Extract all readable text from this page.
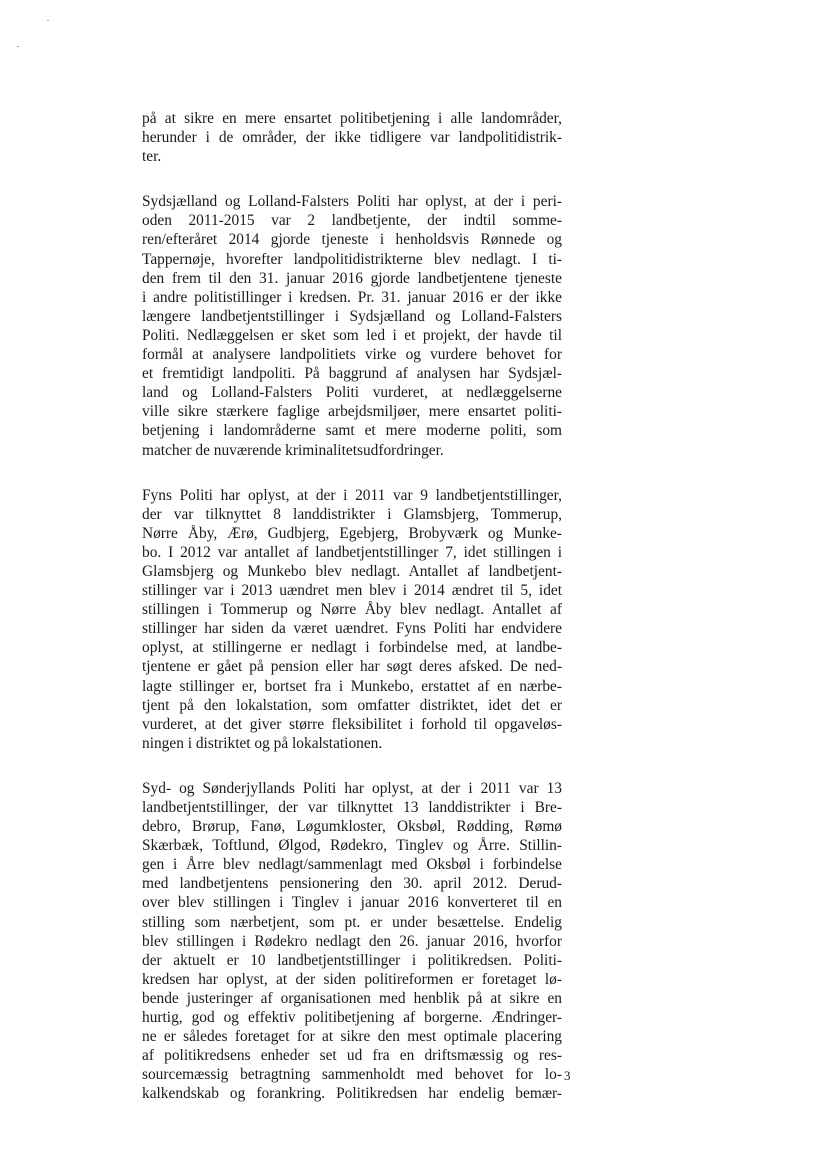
på at sikre en mere ensartet politibetjening i alle landområder,
herunder i de områder, der ikke tidligere var landpolitidistrik-
ter.
Sydsjælland og Lolland-Falsters Politi har oplyst, at der i peri-
oden 2011-2015 var 2 landbetjente, der indtil somme-
ren/efteråret 2014 gjorde tjeneste i henholdsvis Rønnede og
Tappernøje, hvorefter landpolitidistrikterne blev nedlagt. I ti-
den frem til den 31. januar 2016 gjorde landbetjentene tjeneste
i andre politistillinger i kredsen. Pr. 31. januar 2016 er der ikke
længere landbetjentstillinger i Sydsjælland og Lolland-Falsters
Politi. Nedlæggelsen er sket som led i et projekt, der havde til
formål at analysere landpolitiets virke og vurdere behovet for
et fremtidigt landpoliti. På baggrund af analysen har Sydsjæl-
land og Lolland-Falsters Politi vurderet, at nedlæggelserne
ville sikre stærkere faglige arbejdsmiljøer, mere ensartet politi-
betjening i landområderne samt et mere moderne politi, som
matcher de nuværende kriminalitetsudfordringer.
Fyns Politi har oplyst, at der i 2011 var 9 landbetjentstillinger,
der var tilknyttet 8 landdistrikter i Glamsbjerg, Tommerup,
Nørre Åby, Ærø, Gudbjerg, Egebjerg, Brobyværk og Munke-
bo. I 2012 var antallet af landbetjentstillinger 7, idet stillingen i
Glamsbjerg og Munkebo blev nedlagt. Antallet af landbetjent-
stillinger var i 2013 uændret men blev i 2014 ændret til 5, idet
stillingen i Tommerup og Nørre Åby blev nedlagt. Antallet af
stillinger har siden da været uændret. Fyns Politi har endvidere
oplyst, at stillingerne er nedlagt i forbindelse med, at landbe-
tjentene er gået på pension eller har søgt deres afsked. De ned-
lagte stillinger er, bortset fra i Munkebo, erstattet af en nærbe-
tjent på den lokalstation, som omfatter distriktet, idet det er
vurderet, at det giver større fleksibilitet i forhold til opgaveløs-
ningen i distriktet og på lokalstationen.
Syd- og Sønderjyllands Politi har oplyst, at der i 2011 var 13
landbetjentstillinger, der var tilknyttet 13 landdistrikter i Bre-
debro, Brørup, Fanø, Løgumkloster, Oksbøl, Rødding, Rømø
Skærbæk, Toftlund, Ølgod, Rødekro, Tinglev og Årre. Stillin-
gen i Årre blev nedlagt/sammenlagt med Oksbøl i forbindelse
med landbetjentens pensionering den 30. april 2012. Derud-
over blev stillingen i Tinglev i januar 2016 konverteret til en
stilling som nærbetjent, som pt. er under besættelse. Endelig
blev stillingen i Rødekro nedlagt den 26. januar 2016, hvorfor
der aktuelt er 10 landbetjentstillinger i politikredsen. Politi-
kredsen har oplyst, at der siden politireformen er foretaget lø-
bende justeringer af organisationen med henblik på at sikre en
hurtig, god og effektiv politibetjening af borgerne. Ændringer-
ne er således foretaget for at sikre den mest optimale placering
af politikredsens enheder set ud fra en driftsmæssig og res-
sourcemæssig betragtning sammenholdt med behovet for lo-
kalkendskab og forankring. Politikredsen har endelig bemær-
3
